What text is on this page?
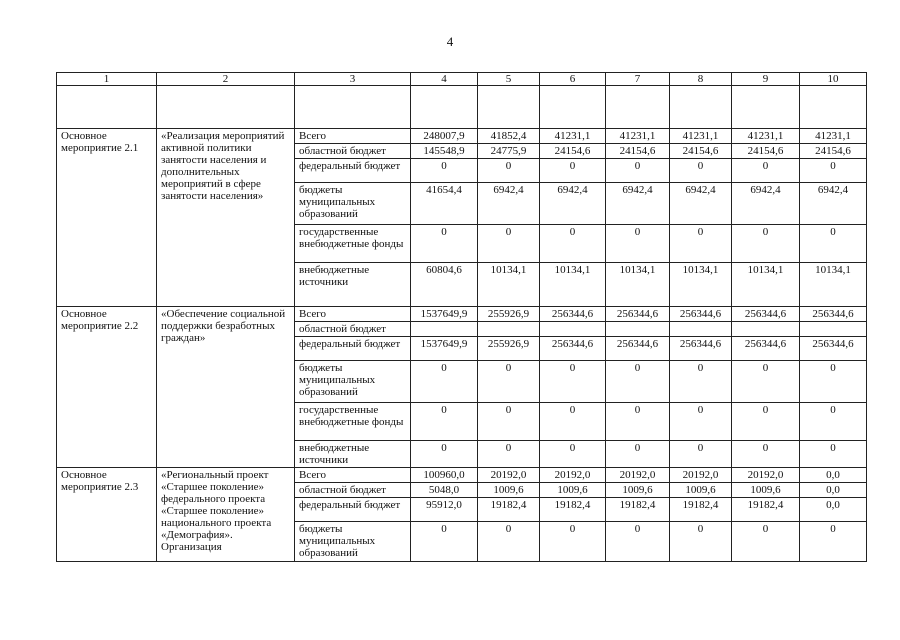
4
1	2	3	4	5	6	7	8	9	10

Основное мероприятие 2.1	«Реализация мероприятий активной политики занятости населения и дополнительных мероприятий в сфере занятости населения»	Всего	248007,9	41852,4	41231,1	41231,1	41231,1	41231,1	41231,1
		областной бюджет	145548,9	24775,9	24154,6	24154,6	24154,6	24154,6	24154,6
		федеральный бюджет	0	0	0	0	0	0	0
		бюджеты муниципальных образований	41654,4	6942,4	6942,4	6942,4	6942,4	6942,4	6942,4
		государственные внебюджетные фонды	0	0	0	0	0	0	0
		внебюджетные источники	60804,6	10134,1	10134,1	10134,1	10134,1	10134,1	10134,1
Основное мероприятие 2.2	«Обеспечение социальной поддержки безработных граждан»	Всего	1537649,9	255926,9	256344,6	256344,6	256344,6	256344,6	256344,6
		областной бюджет							
		федеральный бюджет	1537649,9	255926,9	256344,6	256344,6	256344,6	256344,6	256344,6
		бюджеты муниципальных образований	0	0	0	0	0	0	0
		государственные внебюджетные фонды	0	0	0	0	0	0	0
		внебюджетные источники	0	0	0	0	0	0	0
Основное мероприятие 2.3	«Региональный проект «Старшее поколение» федерального проекта «Старшее поколение» национального проекта «Демография». Организация	Всего	100960,0	20192,0	20192,0	20192,0	20192,0	20192,0	0,0
		областной бюджет	5048,0	1009,6	1009,6	1009,6	1009,6	1009,6	0,0
		федеральный бюджет	95912,0	19182,4	19182,4	19182,4	19182,4	19182,4	0,0
		бюджеты муниципальных образований	0	0	0	0	0	0	0
